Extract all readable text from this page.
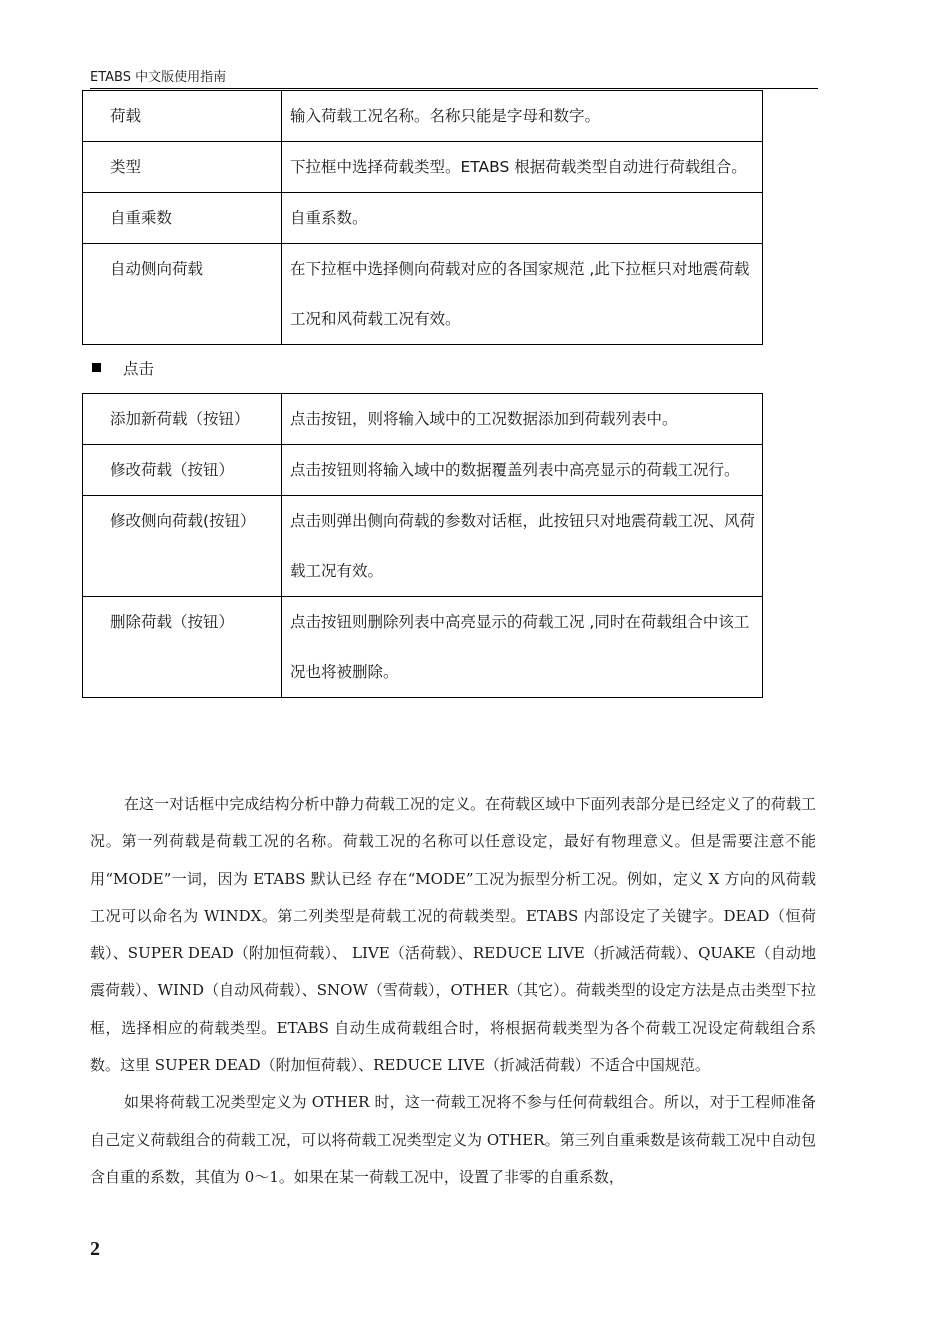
ETABS 中文版使用指南
荷载	输入荷载工况名称。名称只能是字母和数字。
类型	下拉框中选择荷载类型。ETABS 根据荷载类型自动进行荷载组合。
自重乘数	自重系数。
自动侧向荷载	在下拉框中选择侧向荷载对应的各国家规范 ,此下拉框只对地震荷载工况和风荷载工况有效。
点击
添加新荷载（按钮）	点击按钮，则将输入域中的工况数据添加到荷载列表中。
修改荷载（按钮）	点击按钮则将输入域中的数据覆盖列表中高亮显示的荷载工况行。
修改侧向荷载(按钮）	点击则弹出侧向荷载的参数对话框，此按钮只对地震荷载工况、风荷载工况有效。
删除荷载（按钮）	点击按钮则删除列表中高亮显示的荷载工况 ,同时在荷载组合中该工况也将被删除。

在这一对话框中完成结构分析中静力荷载工况的定义。在荷载区域中下面列表部分是已经定义了的荷载工况。第一列荷载是荷载工况的名称。荷载工况的名称可以任意设定，最好有物理意义。但是需要注意不能用“MODE”一词，因为 ETABS 默认已经 存在“MODE”工况为振型分析工况。例如，定义 X 方向的风荷载工况可以命名为 WINDX。第二列类型是荷载工况的荷载类型。ETABS 内部设定了关键字。DEAD（恒荷载）、SUPER DEAD（附加恒荷载）、 LIVE（活荷载）、REDUCE LIVE（折减活荷载）、QUAKE（自动地震荷载）、WIND（自动风荷载）、SNOW（雪荷载），OTHER（其它）。荷载类型的设定方法是点击类型下拉框，选择相应的荷载类型。ETABS 自动生成荷载组合时，将根据荷载类型为各个荷载工况设定荷载组合系数。这里 SUPER DEAD（附加恒荷载）、REDUCE LIVE（折减活荷载）不适合中国规范。

如果将荷载工况类型定义为 OTHER 时，这一荷载工况将不参与任何荷载组合。所以，对于工程师准备自己定义荷载组合的荷载工况，可以将荷载工况类型定义为 OTHER。第三列自重乘数是该荷载工况中自动包含自重的系数，其值为 0～1。如果在某一荷载工况中，设置了非零的自重系数，

2
